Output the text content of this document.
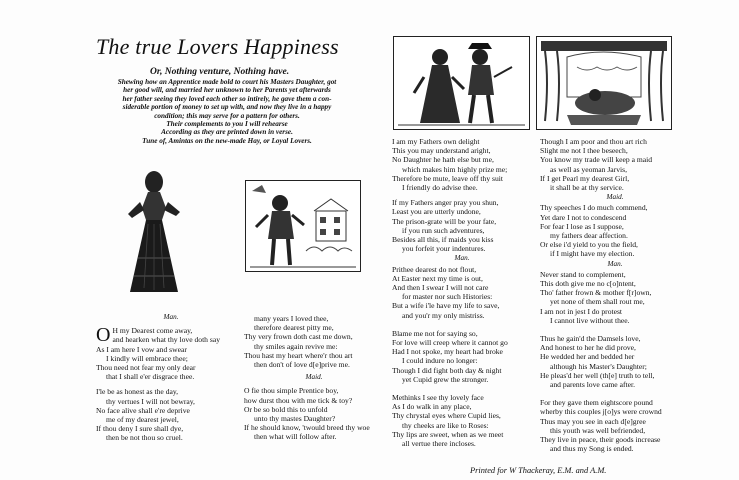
The true Lovers Happiness
Or, Nothing venture, Nothing have.
Shewing how an Apprentice made bold to court his Masters Daughter, got
her good will, and married her unknown to her Parents yet afterwards
her father seeing they loved each other so intirely, he gave them a con-
siderable portion of money to set up with, and now they live in a happy
condition; this may serve for a pattern for others.
Their complements to you I will rehearse
According as they are printed down in verse.
Tune of, Amintas on the new-made Hay, or Loyal Lovers.
Man.
O H my Dearest come away,
and hearken what thy love doth say
As I am here I vow and swear
I kindly will embrace thee;
Thou need not fear my only dear
that I shall e'er disgrace thee.
I'le be as honest as the day,
thy vertues I will not bewray,
No face alive shall e're deprive
me of my dearest jewel,
If thou deny I sure shall dye,
then be not thou so cruel.
many years I loved thee,
therefore dearest pitty me,
Thy very frown doth cast me down,
thy smiles again revive me:
Thou hast my heart where'r thou art
then don't of love d[e]prive me.
Maid.
O fie thou simple Prentice boy,
how durst thou with me tick & toy?
Or be so bold this to unfold
unto thy mastes Daughter?
If he should know, 'twould breed thy woe
then what will follow after.
I am my Fathers own delight
This you may understand aright,
No Daughter he hath else but me,
which makes him highly prize me;
Therefore be mute, leave off thy suit
I friendly do advise thee.
If my Fathers anger pray you shun,
Least you are utterly undone,
The prison-grate will be your fate,
if you run such adventures,
Besides all this, if maids you kiss
you forfeit your indentures.
Man.
Prithee dearest do not flout,
At Easter next my time is out,
And then I swear I will not care
for master nor such Histories:
But a wife i'le have my life to save,
and you'r my only mistriss.
Blame me not for saying so,
For love will creep where it cannot go
Had I not spoke, my heart had broke
I could indure no longer:
Though I did fight both day & night
yet Cupid grew the stronger.
Methinks I see thy lovely face
As I do walk in any place,
Thy chrystal eyes where Cupid lies,
thy cheeks are like to Roses:
Thy lips are sweet, when as we meet
all vertue there incloses.
Though I am poor and thou art rich
Slight me not I thee beseech,
You know my trade will keep a maid
as well as yeoman Jarvis,
If I get Pearl my dearest Girl,
it shall be at thy service.
Maid.
Thy speeches I do much commend,
Yet dare I not to condescend
For fear I lose as I suppose,
my fathers dear affection.
Or else i'd yield to you the field,
if I might have my election.
Man.
Never stand to complement,
This doth give me no c[o]ntent,
Tho' father frown & mother f[r]own,
yet none of them shall rout me,
I am not in jest I do protest
I cannot live without thee.
Thus he gain'd the Damsels love,
And honest to her he did prove,
He wedded her and bedded her
although his Master's Daughter;
He pleas'd her well (th[e] truth to tell,
and parents love came after.
For they gave them eightscore pound
wherby this couples j[o]ys were crownd
Thus may you see in each d[e]gree
this youth was well befriended,
They live in peace, their goods increase
and thus my Song is ended.
Printed for W Thackeray, E.M. and A.M.
